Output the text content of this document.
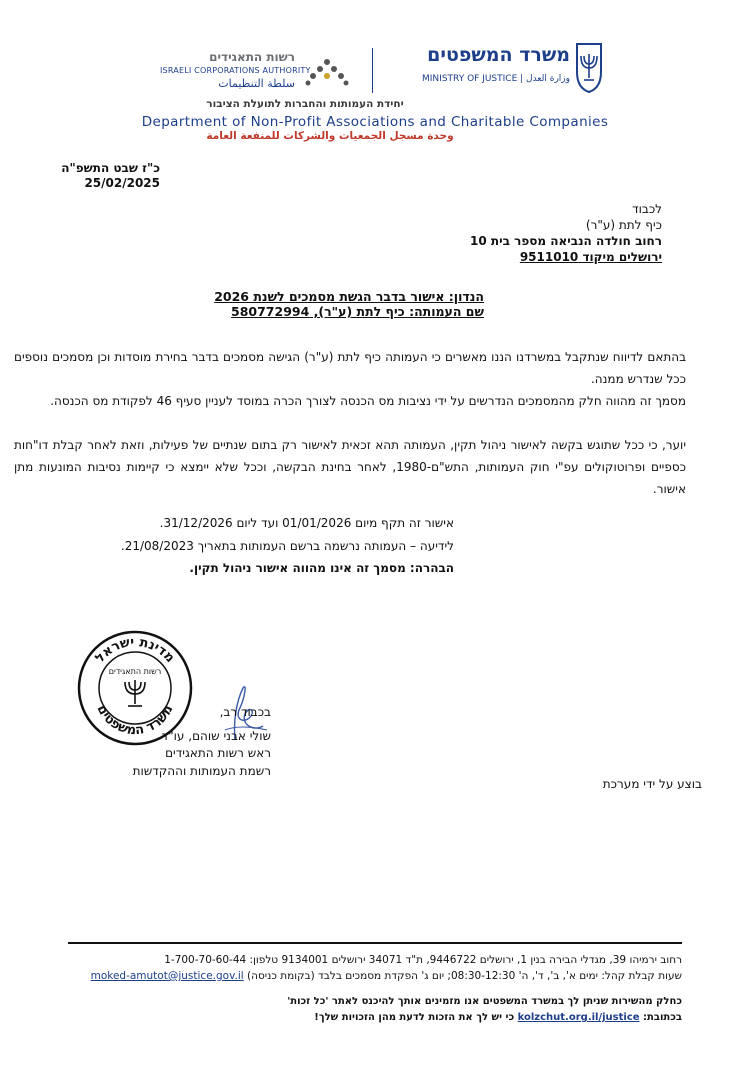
משרד המשפטים
MINISTRY OF JUSTICE | وزارة العدل
רשות התאגידים
ISRAELI CORPORATIONS AUTHORITY
سلطة التنظيمات
יחידת העמותות והחברות לתועלת הציבור
Department of Non-Profit Associations and Charitable Companies
وحدة مسجل الجمعيات والشركات للمنفعة العامة
כ"ז שבט התשפ"ה
25/02/2025
לכבוד
כיף לתת (ע"ר)
רחוב חולדה הנביאה מספר בית 10
ירושלים מיקוד 9511010
הנדון: אישור בדבר הגשת מסמכים לשנת 2026
שם העמותה: כיף לתת (ע"ר), 580772994
בהתאם לדיווח שנתקבל במשרדנו הננו מאשרים כי העמותה כיף לתת (ע"ר) הגישה מסמכים בדבר בחירת מוסדות וכן מסמכים נוספים ככל שנדרש ממנה.
מסמך זה מהווה חלק מהמסמכים הנדרשים על ידי נציבות מס הכנסה לצורך הכרה במוסד לעניין סעיף 46 לפקודת מס הכנסה.
יוער, כי ככל שתוגש בקשה לאישור ניהול תקין, העמותה תהא זכאית לאישור רק בתום שנתיים של פעילות, וזאת לאחר קבלת דו"חות כספיים ופרוטוקולים עפ"י חוק העמותות, התש"ם-1980, לאחר בחינת הבקשה, וככל שלא יימצא כי קיימות נסיבות המונעות מתן אישור.
אישור זה תקף מיום 01/01/2026 ועד ליום 31/12/2026.
לידיעה – העמותה נרשמה ברשם העמותות בתאריך 21/08/2023.
הבהרה: מסמך זה אינו מהווה אישור ניהול תקין.
מדינת ישראל
משרד המשפטים
רשות התאגידים
בכבוד רב,
שולי אבני שוהם, עו"ד
ראש רשות התאגידים
רשמת העמותות וההקדשות
בוצע על ידי מערכת
רחוב ירמיהו 39, מגדלי הבירה בנין 1, ירושלים 9446722, ת"ד 34071 ירושלים 9134001 טלפון: 1-700-70-60-44
שעות קבלת קהל: ימים א', ב', ד', ה' 08:30-12:30; יום ג' הפקדת מסמכים בלבד (בקומת כניסה) moked-amutot@justice.gov.il
כחלק מהשירות שניתן לך במשרד המשפטים אנו מזמינים אותך להיכנס לאתר 'כל זכות'
בכתובת: kolzchut.org.il/justice כי יש לך את הזכות לדעת מהן הזכויות שלך!
